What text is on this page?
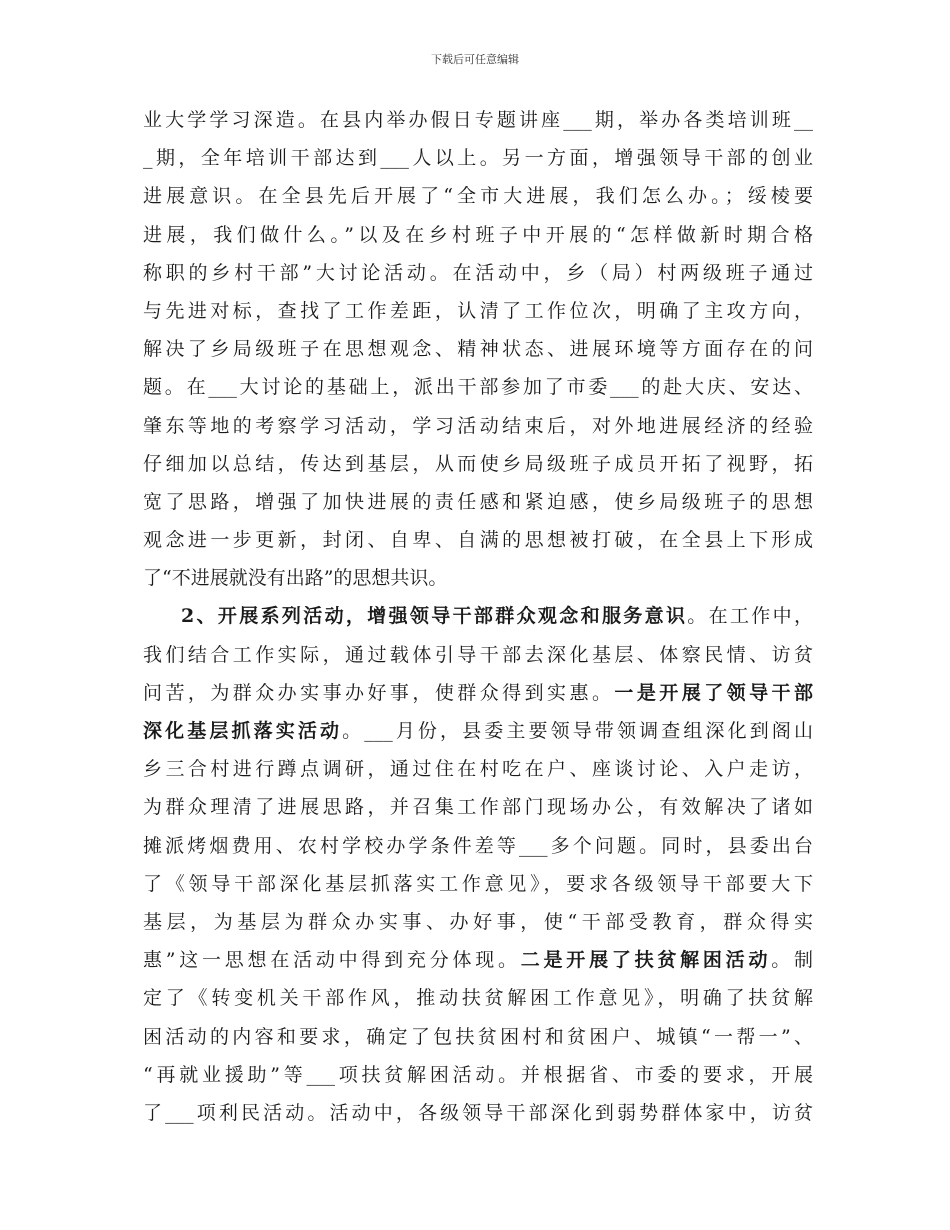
下载后可任意编辑
业大学学习深造。在县内举办假日专题讲座___期，举办各类培训班__
_期，全年培训干部达到___人以上。另一方面，增强领导干部的创业
进展意识。在全县先后开展了“全市大进展，我们怎么办。；绥棱要
进展，我们做什么。”以及在乡村班子中开展的“怎样做新时期合格
称职的乡村干部”大讨论活动。在活动中，乡（局）村两级班子通过
与先进对标，查找了工作差距，认清了工作位次，明确了主攻方向，
解决了乡局级班子在思想观念、精神状态、进展环境等方面存在的问
题。在___大讨论的基础上，派出干部参加了市委___的赴大庆、安达、
肇东等地的考察学习活动，学习活动结束后，对外地进展经济的经验
仔细加以总结，传达到基层，从而使乡局级班子成员开拓了视野，拓
宽了思路，增强了加快进展的责任感和紧迫感，使乡局级班子的思想
观念进一步更新，封闭、自卑、自满的思想被打破，在全县上下形成
了“不进展就没有出路”的思想共识。
2、开展系列活动，增强领导干部群众观念和服务意识。在工作中，
我们结合工作实际，通过载体引导干部去深化基层、体察民情、访贫
问苦，为群众办实事办好事，使群众得到实惠。一是开展了领导干部
深化基层抓落实活动。___月份，县委主要领导带领调查组深化到阁山
乡三合村进行蹲点调研，通过住在村吃在户、座谈讨论、入户走访，
为群众理清了进展思路，并召集工作部门现场办公，有效解决了诸如
摊派烤烟费用、农村学校办学条件差等___多个问题。同时，县委出台
了《领导干部深化基层抓落实工作意见》，要求各级领导干部要大下
基层，为基层为群众办实事、办好事，使“干部受教育，群众得实
惠”这一思想在活动中得到充分体现。二是开展了扶贫解困活动。制
定了《转变机关干部作风，推动扶贫解困工作意见》，明确了扶贫解
困活动的内容和要求，确定了包扶贫困村和贫困户、城镇“一帮一”、
“再就业援助”等___项扶贫解困活动。并根据省、市委的要求，开展
了___项利民活动。活动中，各级领导干部深化到弱势群体家中，访贫
